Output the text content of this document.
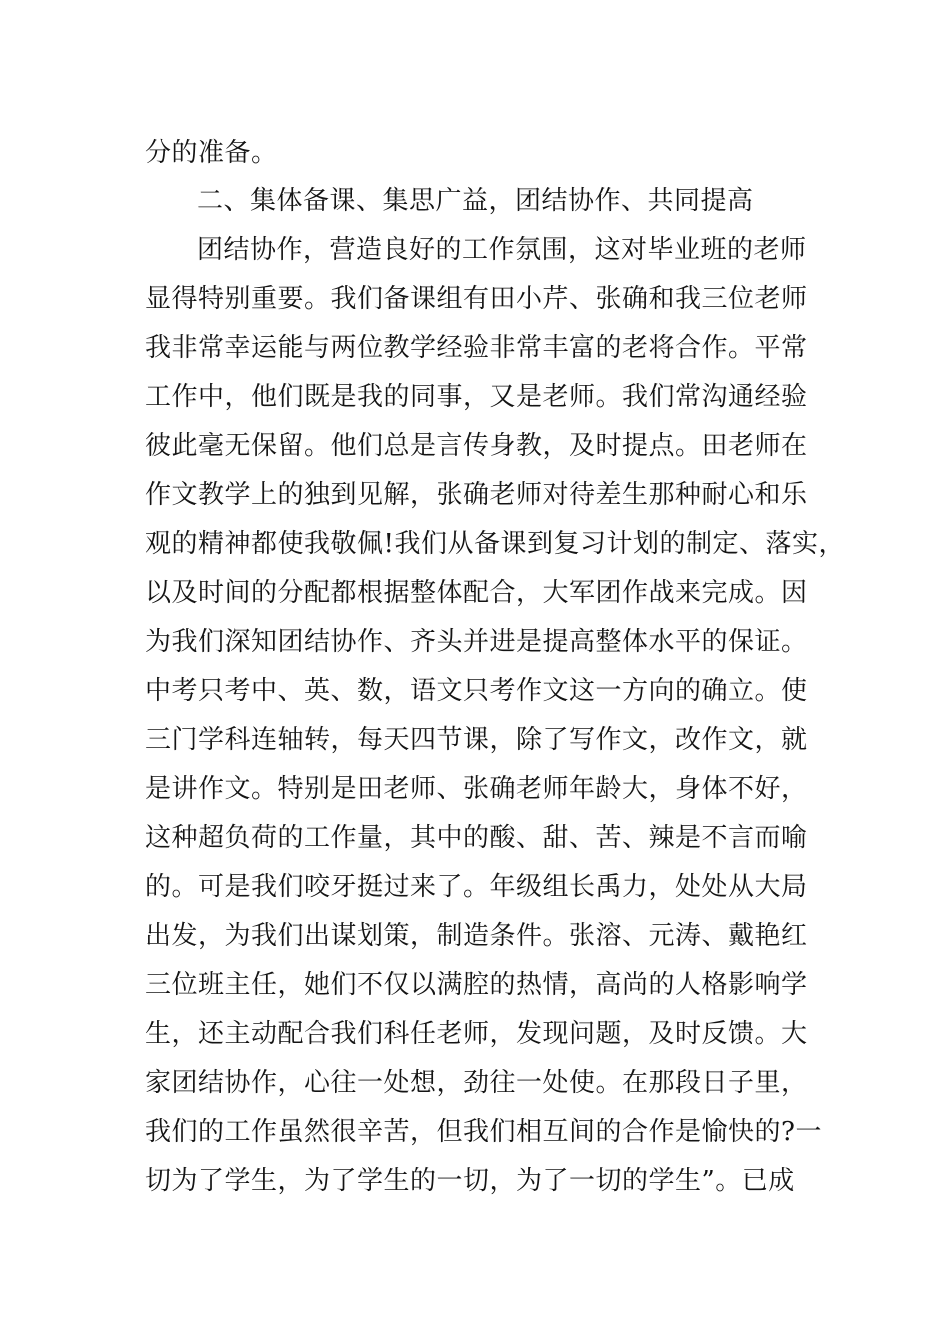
分的准备。
二、集体备课、集思广益，团结协作、共同提高
团结协作，营造良好的工作氛围，这对毕业班的老师
显得特别重要。我们备课组有田小芹、张确和我三位老师
我非常幸运能与两位教学经验非常丰富的老将合作。平常
工作中，他们既是我的同事，又是老师。我们常沟通经验
彼此毫无保留。他们总是言传身教，及时提点。田老师在
作文教学上的独到见解，张确老师对待差生那种耐心和乐
观的精神都使我敬佩!我们从备课到复习计划的制定、落实，
以及时间的分配都根据整体配合，大军团作战来完成。因
为我们深知团结协作、齐头并进是提高整体水平的保证。
中考只考中、英、数，语文只考作文这一方向的确立。使
三门学科连轴转，每天四节课，除了写作文，改作文，就
是讲作文。特别是田老师、张确老师年龄大，身体不好，
这种超负荷的工作量，其中的酸、甜、苦、辣是不言而喻
的。可是我们咬牙挺过来了。年级组长禹力，处处从大局
出发，为我们出谋划策，制造条件。张溶、元涛、戴艳红
三位班主任，她们不仅以满腔的热情，高尚的人格影响学
生，还主动配合我们科任老师，发现问题，及时反馈。大
家团结协作，心往一处想，劲往一处使。在那段日子里，
我们的工作虽然很辛苦，但我们相互间的合作是愉快的?一
切为了学生，为了学生的一切，为了一切的学生”。已成
